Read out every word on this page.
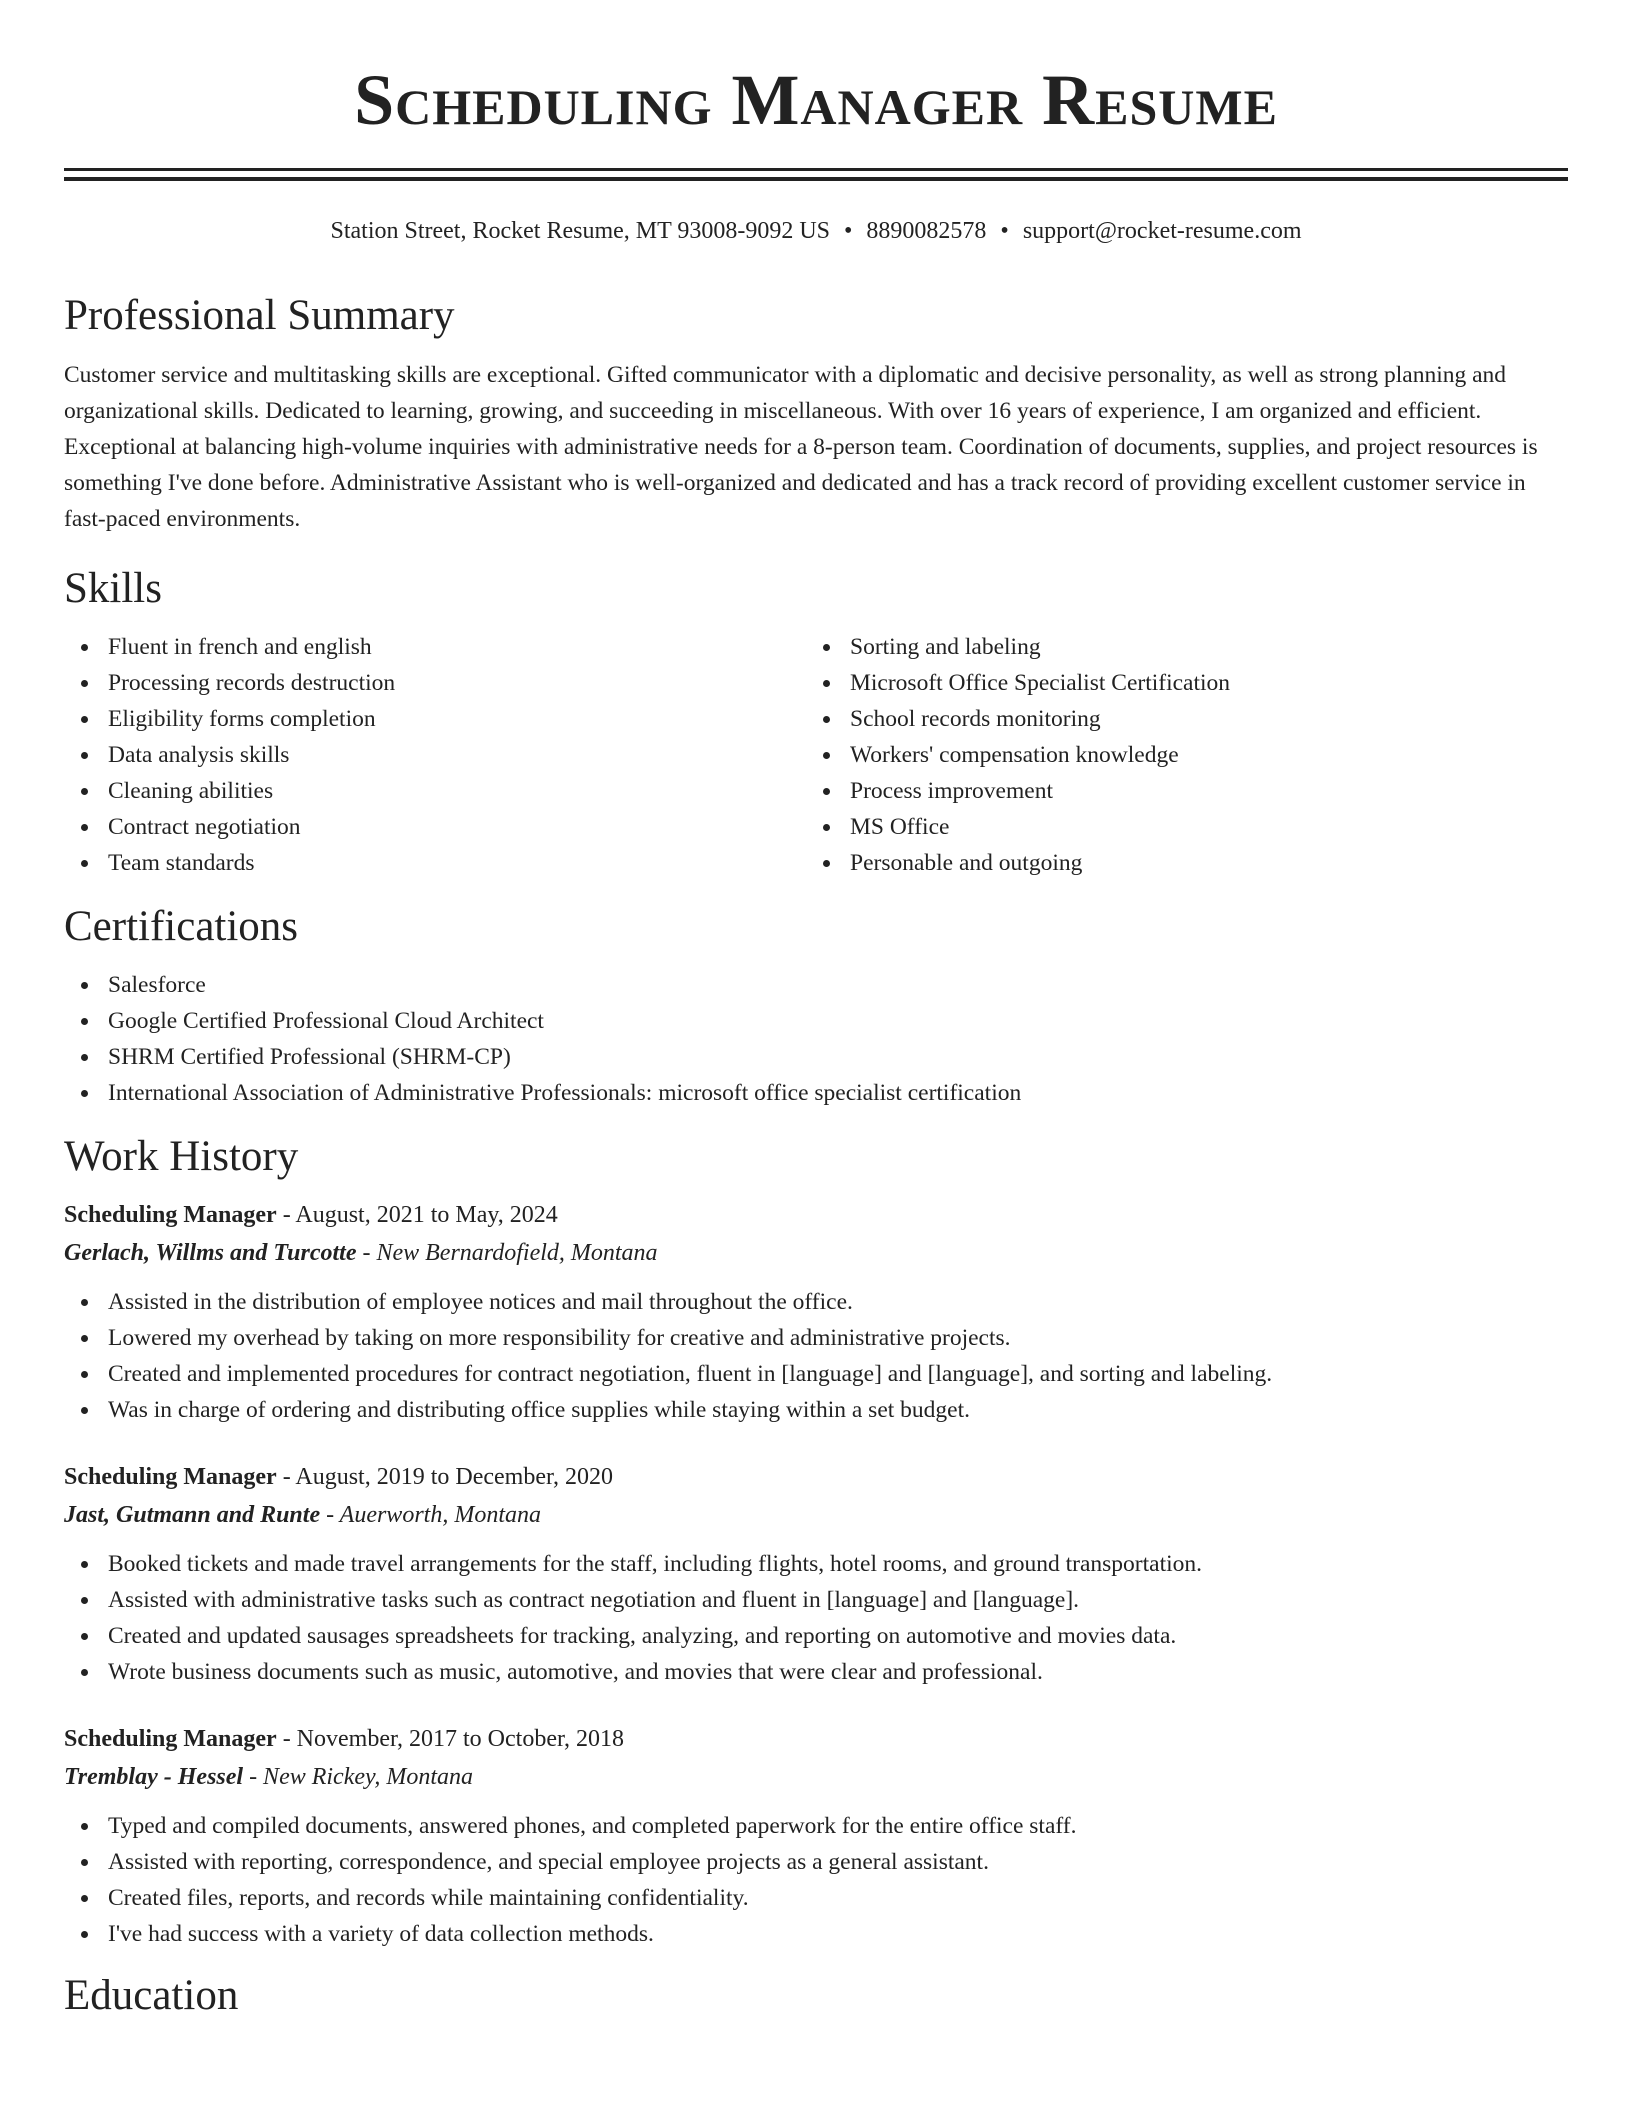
Scheduling Manager Resume
Station Street, Rocket Resume, MT 93008-9092 US • 8890082578 • support@rocket-resume.com
Professional Summary

Customer service and multitasking skills are exceptional. Gifted communicator with a diplomatic and decisive personality, as well as strong planning and organizational skills. Dedicated to learning, growing, and succeeding in miscellaneous. With over 16 years of experience, I am organized and efficient. Exceptional at balancing high-volume inquiries with administrative needs for a 8-person team. Coordination of documents, supplies, and project resources is something I've done before. Administrative Assistant who is well-organized and dedicated and has a track record of providing excellent customer service in fast-paced environments.

Skills
Fluent in french and english
Processing records destruction
Eligibility forms completion
Data analysis skills
Cleaning abilities
Contract negotiation
Team standards
Sorting and labeling
Microsoft Office Specialist Certification
School records monitoring
Workers' compensation knowledge
Process improvement
MS Office
Personable and outgoing
Certifications
Salesforce
Google Certified Professional Cloud Architect
SHRM Certified Professional (SHRM-CP)
International Association of Administrative Professionals: microsoft office specialist certification
Work History
Scheduling Manager - August, 2021 to May, 2024
Gerlach, Willms and Turcotte - New Bernardofield, Montana
Assisted in the distribution of employee notices and mail throughout the office.
Lowered my overhead by taking on more responsibility for creative and administrative projects.
Created and implemented procedures for contract negotiation, fluent in [language] and [language], and sorting and labeling.
Was in charge of ordering and distributing office supplies while staying within a set budget.
Scheduling Manager - August, 2019 to December, 2020
Jast, Gutmann and Runte - Auerworth, Montana
Booked tickets and made travel arrangements for the staff, including flights, hotel rooms, and ground transportation.
Assisted with administrative tasks such as contract negotiation and fluent in [language] and [language].
Created and updated sausages spreadsheets for tracking, analyzing, and reporting on automotive and movies data.
Wrote business documents such as music, automotive, and movies that were clear and professional.
Scheduling Manager - November, 2017 to October, 2018
Tremblay - Hessel - New Rickey, Montana
Typed and compiled documents, answered phones, and completed paperwork for the entire office staff.
Assisted with reporting, correspondence, and special employee projects as a general assistant.
Created files, reports, and records while maintaining confidentiality.
I've had success with a variety of data collection methods.
Education
